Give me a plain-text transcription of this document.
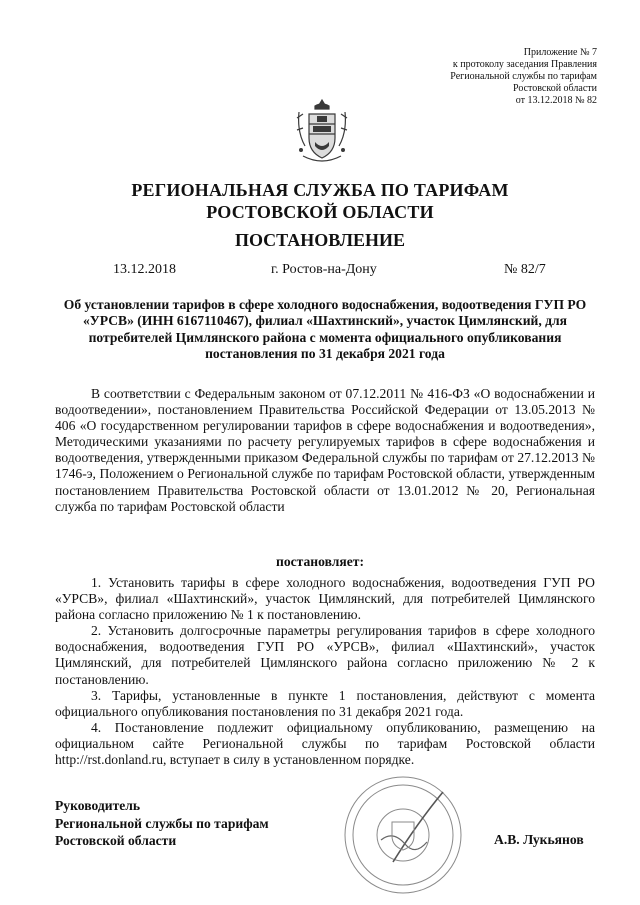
Приложение № 7
к протоколу заседания Правления
Региональной службы по тарифам
Ростовской области
от 13.12.2018 № 82
РЕГИОНАЛЬНАЯ СЛУЖБА ПО ТАРИФАМ
РОСТОВСКОЙ ОБЛАСТИ
ПОСТАНОВЛЕНИЕ
13.12.2018	г. Ростов-на-Дону	№ 82/7
Об установлении тарифов в сфере холодного водоснабжения, водоотведения ГУП РО «УРСВ» (ИНН 6167110467), филиал «Шахтинский», участок Цимлянский, для потребителей Цимлянского района с момента официального опубликования постановления по 31 декабря 2021 года

В соответствии с Федеральным законом от 07.12.2011 № 416-ФЗ «О водоснабжении и водоотведении», постановлением Правительства Российской Федерации от 13.05.2013 № 406 «О государственном регулировании тарифов в сфере водоснабжения и водоотведения», Методическими указаниями по расчету регулируемых тарифов в сфере водоснабжения и водоотведения, утвержденными приказом Федеральной службы по тарифам от 27.12.2013 № 1746-э, Положением о Региональной службе по тарифам Ростовской области, утвержденным постановлением Правительства Ростовской области от 13.01.2012 № 20, Региональная служба по тарифам Ростовской области

постановляет:

1. Установить тарифы в сфере холодного водоснабжения, водоотведения ГУП РО «УРСВ», филиал «Шахтинский», участок Цимлянский, для потребителей Цимлянского района согласно приложению № 1 к постановлению.

2. Установить долгосрочные параметры регулирования тарифов в сфере холодного водоснабжения, водоотведения ГУП РО «УРСВ», филиал «Шахтинский», участок Цимлянский, для потребителей Цимлянского района согласно приложению № 2 к постановлению.

3. Тарифы, установленные в пункте 1 постановления, действуют с момента официального опубликования постановления по 31 декабря 2021 года.

4. Постановление подлежит официальному опубликованию, размещению на официальном сайте Региональной службы по тарифам Ростовской области http://rst.donland.ru, вступает в силу в установленном порядке.

Руководитель
Региональной службы по тарифам
Ростовской области	А.В. Лукьянов
